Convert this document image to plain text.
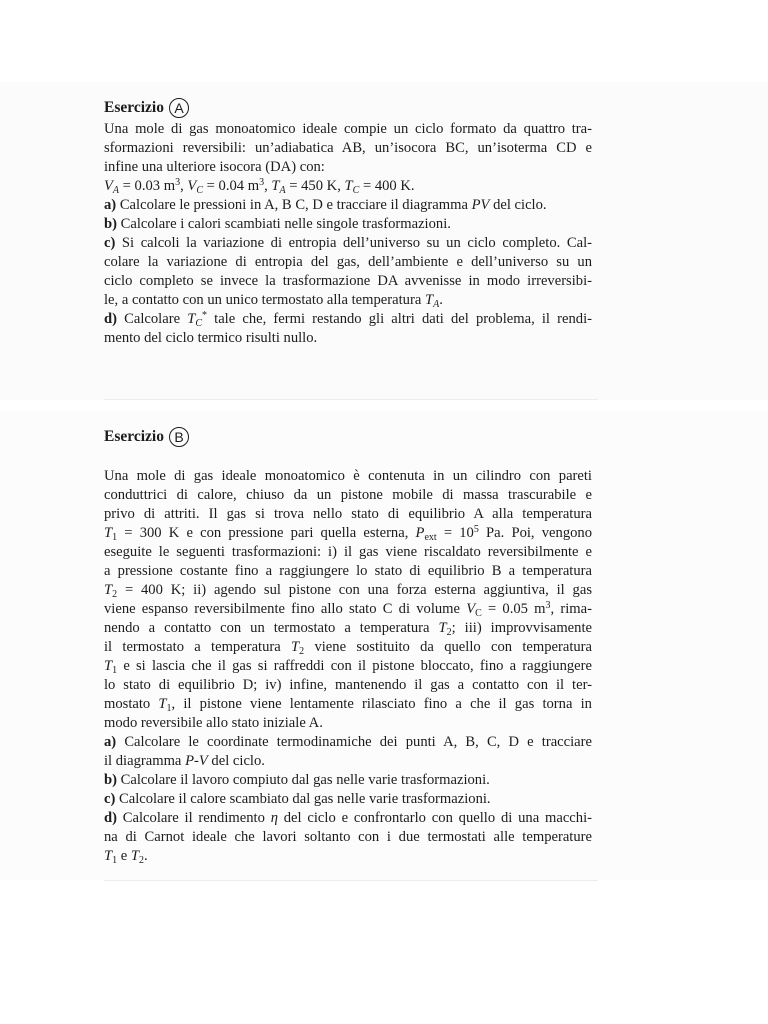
Esercizio A
Una mole di gas monoatomico ideale compie un ciclo formato da quattro tra-
sformazioni reversibili: un’adiabatica AB, un’isocora BC, un’isoterma CD e
infine una ulteriore isocora (DA) con:
$V_A = 0.03$ $m^3$, $V_C = 0.04$ $m^3$, $T_A = 450$ K, $T_C = 400$ K.
a) Calcolare le pressioni in A, B C, D e tracciare il diagramma PV del ciclo.
b) Calcolare i calori scambiati nelle singole trasformazioni.
c) Si calcoli la variazione di entropia dell’universo su un ciclo completo. Cal-
colare la variazione di entropia del gas, dell’ambiente e dell’universo su un
ciclo completo se invece la trasformazione DA avvenisse in modo irreversibi-
le, a contatto con un unico termostato alla temperatura $T_A$.
d) Calcolare $T_C^*$ tale che, fermi restando gli altri dati del problema, il rendi-
mento del ciclo termico risulti nullo.
Esercizio B
Una mole di gas ideale monoatomico è contenuta in un cilindro con pareti
conduttrici di calore, chiuso da un pistone mobile di massa trascurabile e
privo di attriti. Il gas si trova nello stato di equilibrio A alla temperatura
$T_1 = 300$ K e con pressione pari quella esterna, $P_{ext} = 10^5$ Pa. Poi, vengono
eseguite le seguenti trasformazioni: i) il gas viene riscaldato reversibilmente e
a pressione costante fino a raggiungere lo stato di equilibrio B a temperatura
$T_2 = 400$ K; ii) agendo sul pistone con una forza esterna aggiuntiva, il gas
viene espanso reversibilmente fino allo stato C di volume $V_C = 0.05$ $m^3$, rima-
nendo a contatto con un termostato a temperatura $T_2$; iii) improvvisamente
il termostato a temperatura $T_2$ viene sostituito da quello con temperatura
$T_1$ e si lascia che il gas si raffreddi con il pistone bloccato, fino a raggiungere
lo stato di equilibrio D; iv) infine, mantenendo il gas a contatto con il ter-
mostato $T_1$, il pistone viene lentamente rilasciato fino a che il gas torna in
modo reversibile allo stato iniziale A.
a) Calcolare le coordinate termodinamiche dei punti A, B, C, D e tracciare
il diagramma P-V del ciclo.
b) Calcolare il lavoro compiuto dal gas nelle varie trasformazioni.
c) Calcolare il calore scambiato dal gas nelle varie trasformazioni.
d) Calcolare il rendimento η del ciclo e confrontarlo con quello di una macchi-
na di Carnot ideale che lavori soltanto con i due termostati alle temperature
$T_1$ e $T_2$.
